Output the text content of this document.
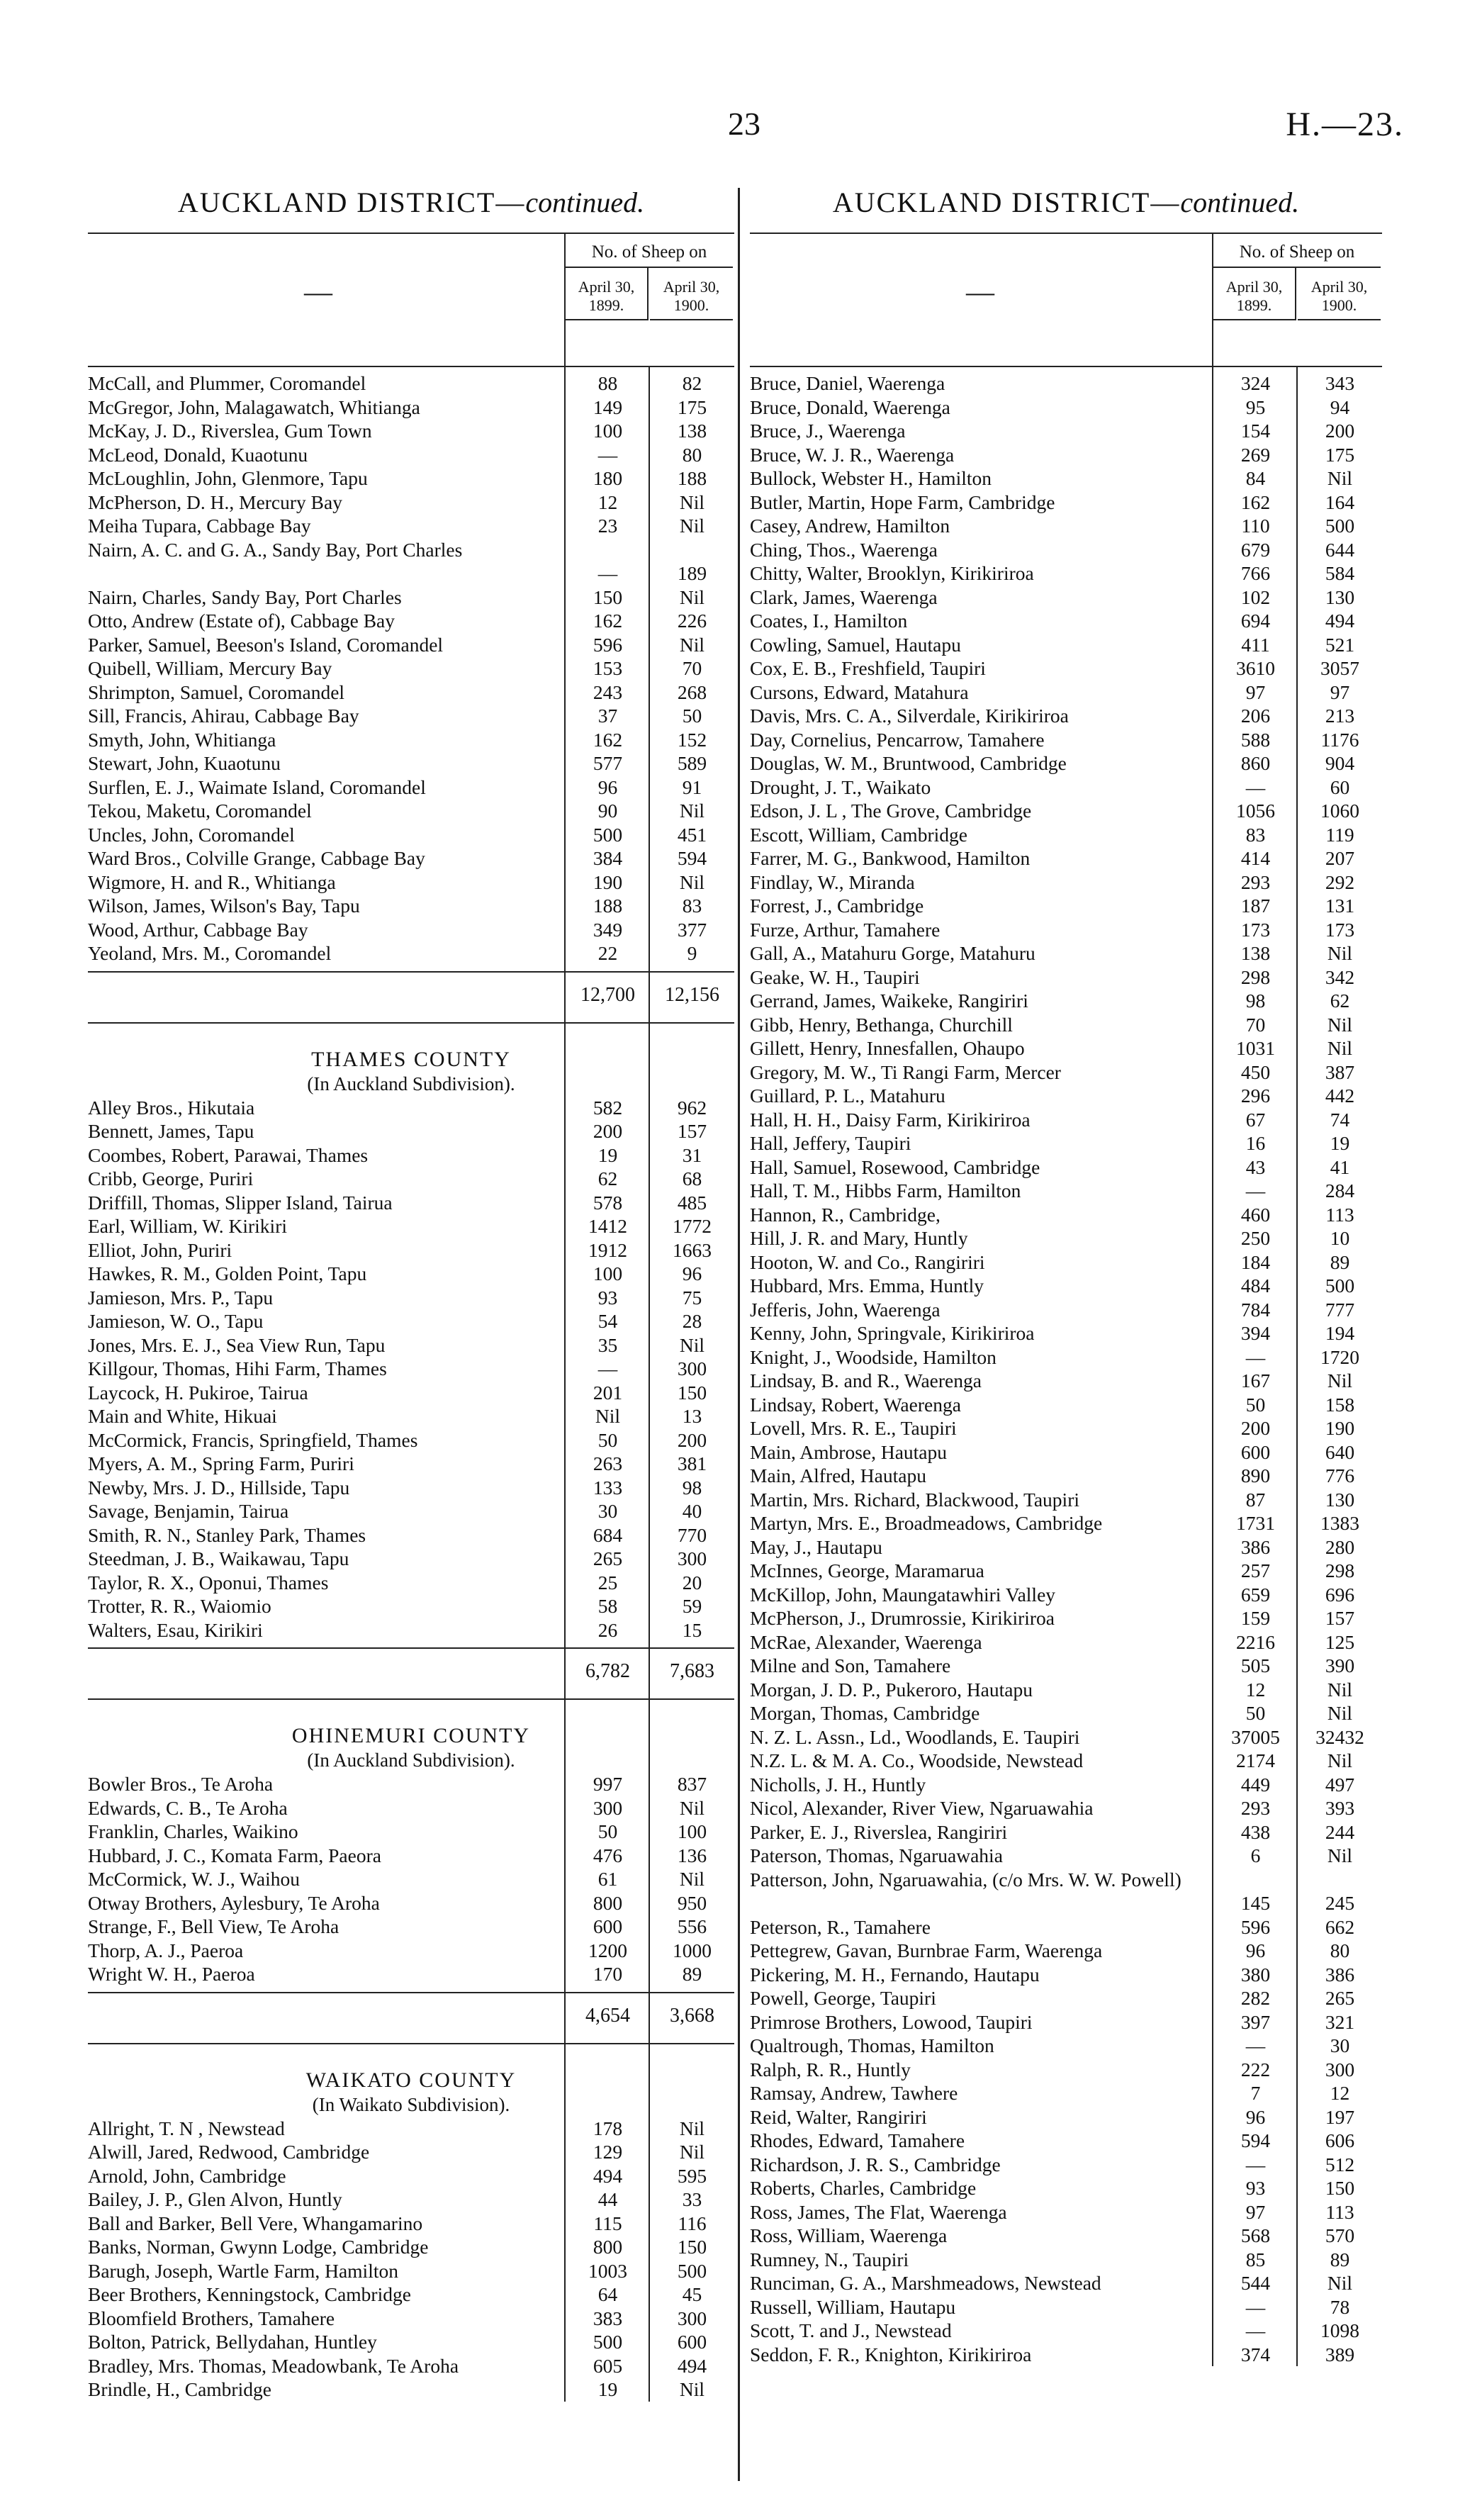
23	H.—23.
AUCKLAND DISTRICT—continued.
—
No. of Sheep on
April 30, 1899.
April 30, 1900.
McCall, and Plummer, Coromandel	88	82
McGregor, John, Malagawatch, Whitianga	149	175
McKay, J. D., Riverslea, Gum Town	100	138
McLeod, Donald, Kuaotunu	—	80
McLoughlin, John, Glenmore, Tapu	180	188
McPherson, D. H., Mercury Bay	12	Nil
Meiha Tupara, Cabbage Bay	23	Nil
Nairn, A. C. and G. A., Sandy Bay, Port Charles
—	189
Nairn, Charles, Sandy Bay, Port Charles	150	Nil
Otto, Andrew (Estate of), Cabbage Bay	162	226
Parker, Samuel, Beeson's Island, Coromandel	596	Nil
Quibell, William, Mercury Bay	153	70
Shrimpton, Samuel, Coromandel	243	268
Sill, Francis, Ahirau, Cabbage Bay	37	50
Smyth, John, Whitianga	162	152
Stewart, John, Kuaotunu	577	589
Surflen, E. J., Waimate Island, Coromandel	96	91
Tekou, Maketu, Coromandel	90	Nil
Uncles, John, Coromandel	500	451
Ward Bros., Colville Grange, Cabbage Bay	384	594
Wigmore, H. and R., Whitianga	190	Nil
Wilson, James, Wilson's Bay, Tapu	188	83
Wood, Arthur, Cabbage Bay	349	377
Yeoland, Mrs. M., Coromandel	22	9
12,700	12,156
THAMES COUNTY
(In Auckland Subdivision).
Alley Bros., Hikutaia	582	962
Bennett, James, Tapu	200	157
Coombes, Robert, Parawai, Thames	19	31
Cribb, George, Puriri	62	68
Driffill, Thomas, Slipper Island, Tairua	578	485
Earl, William, W. Kirikiri	1412	1772
Elliot, John, Puriri	1912	1663
Hawkes, R. M., Golden Point, Tapu	100	96
Jamieson, Mrs. P., Tapu	93	75
Jamieson, W. O., Tapu	54	28
Jones, Mrs. E. J., Sea View Run, Tapu	35	Nil
Killgour, Thomas, Hihi Farm, Thames	—	300
Laycock, H. Pukiroe, Tairua	201	150
Main and White, Hikuai	Nil	13
McCormick, Francis, Springfield, Thames	50	200
Myers, A. M., Spring Farm, Puriri	263	381
Newby, Mrs. J. D., Hillside, Tapu	133	98
Savage, Benjamin, Tairua	30	40
Smith, R. N., Stanley Park, Thames	684	770
Steedman, J. B., Waikawau, Tapu	265	300
Taylor, R. X., Oponui, Thames	25	20
Trotter, R. R., Waiomio	58	59
Walters, Esau, Kirikiri	26	15
6,782	7,683
OHINEMURI COUNTY
(In Auckland Subdivision).
Bowler Bros., Te Aroha	997	837
Edwards, C. B., Te Aroha	300	Nil
Franklin, Charles, Waikino	50	100
Hubbard, J. C., Komata Farm, Paeora	476	136
McCormick, W. J., Waihou	61	Nil
Otway Brothers, Aylesbury, Te Aroha	800	950
Strange, F., Bell View, Te Aroha	600	556
Thorp, A. J., Paeroa	1200	1000
Wright W. H., Paeroa	170	89
4,654	3,668
WAIKATO COUNTY
(In Waikato Subdivision).
Allright, T. N , Newstead	178	Nil
Alwill, Jared, Redwood, Cambridge	129	Nil
Arnold, John, Cambridge	494	595
Bailey, J. P., Glen Alvon, Huntly	44	33
Ball and Barker, Bell Vere, Whangamarino	115	116
Banks, Norman, Gwynn Lodge, Cambridge	800	150
Barugh, Joseph, Wartle Farm, Hamilton	1003	500
Beer Brothers, Kenningstock, Cambridge	64	45
Bloomfield Brothers, Tamahere	383	300
Bolton, Patrick, Bellydahan, Huntley	500	600
Bradley, Mrs. Thomas, Meadowbank, Te Aroha	605	494
Brindle, H., Cambridge	19	Nil
AUCKLAND DISTRICT—continued.
—
No. of Sheep on
April 30, 1899.
April 30, 1900.
Bruce, Daniel, Waerenga	324	343
Bruce, Donald, Waerenga	95	94
Bruce, J., Waerenga	154	200
Bruce, W. J. R., Waerenga	269	175
Bullock, Webster H., Hamilton	84	Nil
Butler, Martin, Hope Farm, Cambridge	162	164
Casey, Andrew, Hamilton	110	500
Ching, Thos., Waerenga	679	644
Chitty, Walter, Brooklyn, Kirikiriroa	766	584
Clark, James, Waerenga	102	130
Coates, I., Hamilton	694	494
Cowling, Samuel, Hautapu	411	521
Cox, E. B., Freshfield, Taupiri	3610	3057
Cursons, Edward, Matahura	97	97
Davis, Mrs. C. A., Silverdale, Kirikiriroa	206	213
Day, Cornelius, Pencarrow, Tamahere	588	1176
Douglas, W. M., Bruntwood, Cambridge	860	904
Drought, J. T., Waikato	—	60
Edson, J. L , The Grove, Cambridge	1056	1060
Escott, William, Cambridge	83	119
Farrer, M. G., Bankwood, Hamilton	414	207
Findlay, W., Miranda	293	292
Forrest, J., Cambridge	187	131
Furze, Arthur, Tamahere	173	173
Gall, A., Matahuru Gorge, Matahuru	138	Nil
Geake, W. H., Taupiri	298	342
Gerrand, James, Waikeke, Rangiriri	98	62
Gibb, Henry, Bethanga, Churchill	70	Nil
Gillett, Henry, Innesfallen, Ohaupo	1031	Nil
Gregory, M. W., Ti Rangi Farm, Mercer	450	387
Guillard, P. L., Matahuru	296	442
Hall, H. H., Daisy Farm, Kirikiriroa	67	74
Hall, Jeffery, Taupiri	16	19
Hall, Samuel, Rosewood, Cambridge	43	41
Hall, T. M., Hibbs Farm, Hamilton	—	284
Hannon, R., Cambridge,	460	113
Hill, J. R. and Mary, Huntly	250	10
Hooton, W. and Co., Rangiriri	184	89
Hubbard, Mrs. Emma, Huntly	484	500
Jefferis, John, Waerenga	784	777
Kenny, John, Springvale, Kirikiriroa	394	194
Knight, J., Woodside, Hamilton	—	1720
Lindsay, B. and R., Waerenga	167	Nil
Lindsay, Robert, Waerenga	50	158
Lovell, Mrs. R. E., Taupiri	200	190
Main, Ambrose, Hautapu	600	640
Main, Alfred, Hautapu	890	776
Martin, Mrs. Richard, Blackwood, Taupiri	87	130
Martyn, Mrs. E., Broadmeadows, Cambridge	1731	1383
May, J., Hautapu	386	280
McInnes, George, Maramarua	257	298
McKillop, John, Maungatawhiri Valley	659	696
McPherson, J., Drumrossie, Kirikiriroa	159	157
McRae, Alexander, Waerenga	2216	125
Milne and Son, Tamahere	505	390
Morgan, J. D. P., Pukeroro, Hautapu	12	Nil
Morgan, Thomas, Cambridge	50	Nil
N. Z. L. Assn., Ld., Woodlands, E. Taupiri	37005	32432
N.Z. L. & M. A. Co., Woodside, Newstead	2174	Nil
Nicholls, J. H., Huntly	449	497
Nicol, Alexander, River View, Ngaruawahia	293	393
Parker, E. J., Riverslea, Rangiriri	438	244
Paterson, Thomas, Ngaruawahia	6	Nil
Patterson, John, Ngaruawahia, (c/o Mrs. W. W. Powell)
145	245
Peterson, R., Tamahere	596	662
Pettegrew, Gavan, Burnbrae Farm, Waerenga	96	80
Pickering, M. H., Fernando, Hautapu	380	386
Powell, George, Taupiri	282	265
Primrose Brothers, Lowood, Taupiri	397	321
Qualtrough, Thomas, Hamilton	—	30
Ralph, R. R., Huntly	222	300
Ramsay, Andrew, Tawhere	7	12
Reid, Walter, Rangiriri	96	197
Rhodes, Edward, Tamahere	594	606
Richardson, J. R. S., Cambridge	—	512
Roberts, Charles, Cambridge	93	150
Ross, James, The Flat, Waerenga	97	113
Ross, William, Waerenga	568	570
Rumney, N., Taupiri	85	89
Runciman, G. A., Marshmeadows, Newstead	544	Nil
Russell, William, Hautapu	—	78
Scott, T. and J., Newstead	—	1098
Seddon, F. R., Knighton, Kirikiriroa	374	389
